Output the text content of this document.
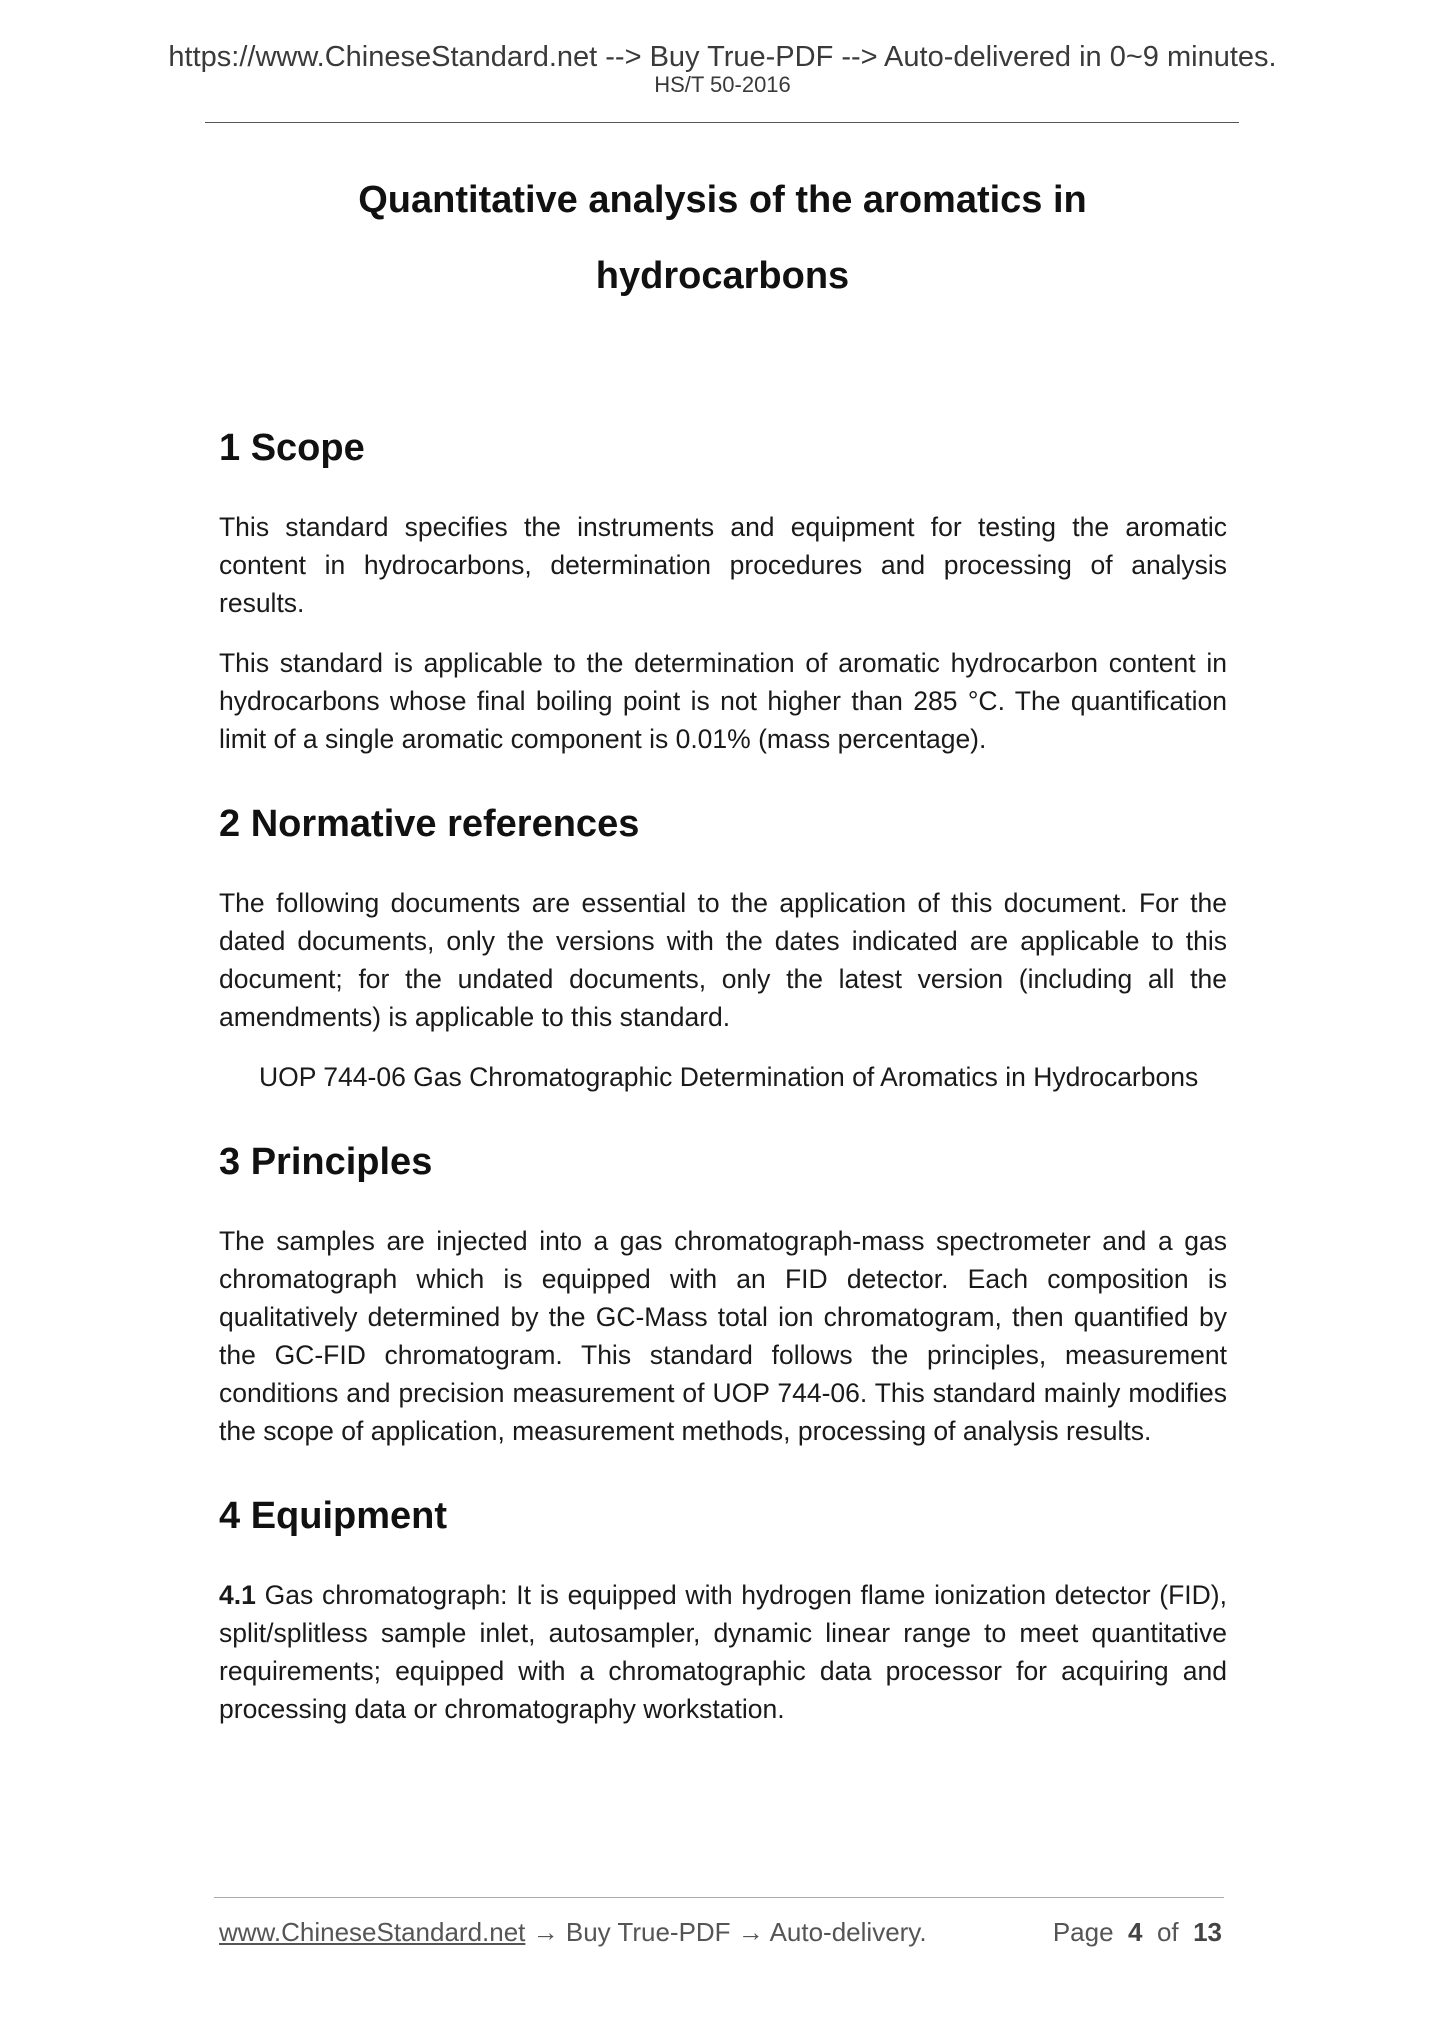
https://www.ChineseStandard.net --> Buy True-PDF --> Auto-delivered in 0~9 minutes.
HS/T 50-2016
Quantitative analysis of the aromatics in
hydrocarbons
1 Scope

This standard specifies the instruments and equipment for testing the aromatic content in hydrocarbons, determination procedures and processing of analysis results.

This standard is applicable to the determination of aromatic hydrocarbon content in hydrocarbons whose final boiling point is not higher than 285 °C. The quantification limit of a single aromatic component is 0.01% (mass percentage).

2 Normative references

The following documents are essential to the application of this document. For the dated documents, only the versions with the dates indicated are applicable to this document; for the undated documents, only the latest version (including all the amendments) is applicable to this standard.

UOP 744-06 Gas Chromatographic Determination of Aromatics in Hydrocarbons

3 Principles

The samples are injected into a gas chromatograph-mass spectrometer and a gas chromatograph which is equipped with an FID detector. Each composition is qualitatively determined by the GC-Mass total ion chromatogram, then quantified by the GC-FID chromatogram. This standard follows the principles, measurement conditions and precision measurement of UOP 744-06. This standard mainly modifies the scope of application, measurement methods, processing of analysis results.

4 Equipment

4.1 Gas chromatograph: It is equipped with hydrogen flame ionization detector (FID), split/splitless sample inlet, autosampler, dynamic linear range to meet quantitative requirements; equipped with a chromatographic data processor for acquiring and processing data or chromatography workstation.

www.ChineseStandard.net → Buy True-PDF → Auto-delivery.	Page 4 of 13
